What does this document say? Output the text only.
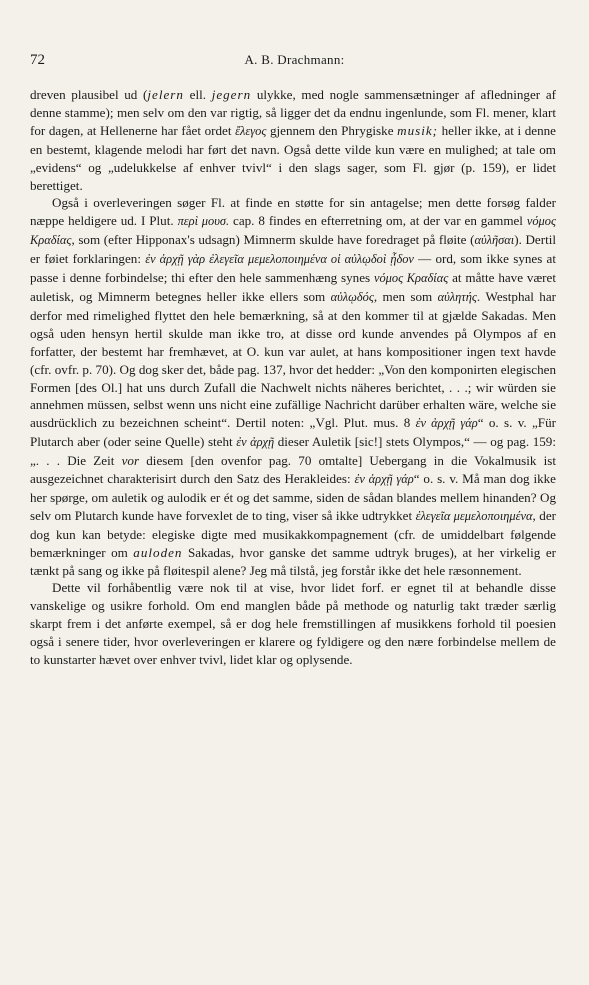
72	A. B. Drachmann:

dreven plausibel ud (jelern ell. jegern ulykke, med nogle sammensætninger af afledninger af denne stamme); men selv om den var rigtig, så ligger det da endnu ingenlunde, som Fl. mener, klart for dagen, at Hellenerne har fået ordet ἔλεγος gjennem den Phrygiske musik; heller ikke, at i denne en bestemt, klagende melodi har ført det navn. Også dette vilde kun være en mulighed; at tale om „evidens“ og „udelukkelse af enhver tvivl“ i den slags sager, som Fl. gjør (p. 159), er lidet berettiget.

Også i overleveringen søger Fl. at finde en støtte for sin antagelse; men dette forsøg falder næppe heldigere ud. I Plut. περὶ μουσ. cap. 8 findes en efterretning om, at der var en gammel νόμος Κραδίας, som (efter Hipponax's udsagn) Mimnerm skulde have foredraget på fløite (αὐλῆσαι). Dertil er føiet forklaringen: ἐν ἀρχῇ γὰρ ἐλεγεῖα μεμελοποιημένα οἱ αὐλῳδοὶ ᾖδον — ord, som ikke synes at passe i denne forbindelse; thi efter den hele sammenhæng synes νόμος Κραδίας at måtte have været auletisk, og Mimnerm betegnes heller ikke ellers som αὐλῳδός, men som αὐλητής. Westphal har derfor med rimelighed flyttet den hele bemærkning, så at den kommer til at gjælde Sakadas. Men også uden hensyn hertil skulde man ikke tro, at disse ord kunde anvendes på Olympos af en forfatter, der bestemt har fremhævet, at O. kun var aulet, at hans kompositioner ingen text havde (cfr. ovfr. p. 70). Og dog sker det, både pag. 137, hvor det hedder: „Von den komponirten elegischen Formen [des Ol.] hat uns durch Zufall die Nachwelt nichts näheres berichtet, . . .; wir würden sie annehmen müssen, selbst wenn uns nicht eine zufällige Nachricht darüber erhalten wäre, welche sie ausdrücklich zu bezeichnen scheint“. Dertil noten: „Vgl. Plut. mus. 8 ἐν ἀρχῇ γάρ“ o. s. v. „Für Plutarch aber (oder seine Quelle) steht ἐν ἀρχῇ dieser Auletik [sic!] stets Olympos,“ — og pag. 159: „. . . Die Zeit vor diesem [den ovenfor pag. 70 omtalte] Uebergang in die Vokalmusik ist ausgezeichnet charakterisirt durch den Satz des Herakleides: ἐν ἀρχῇ γάρ“ o. s. v. Må man dog ikke her spørge, om auletik og aulodik er ét og det samme, siden de sådan blandes mellem hinanden? Og selv om Plutarch kunde have forvexlet de to ting, viser så ikke udtrykket ἐλεγεῖα μεμελοποιημένα, der dog kun kan betyde: elegiske digte med musikakkompagnement (cfr. de umiddelbart følgende bemærkninger om auloden Sakadas, hvor ganske det samme udtryk bruges), at her virkelig er tænkt på sang og ikke på fløitespil alene? Jeg må tilstå, jeg forstår ikke det hele ræsonnement.

Dette vil forhåbentlig være nok til at vise, hvor lidet forf. er egnet til at behandle disse vanskelige og usikre forhold. Om end manglen både på methode og naturlig takt træder særlig skarpt frem i det anførte exempel, så er dog hele fremstillingen af musikkens forhold til poesien også i senere tider, hvor overleveringen er klarere og fyldigere og den nære forbindelse mellem de to kunstarter hævet over enhver tvivl, lidet klar og oplysende.
